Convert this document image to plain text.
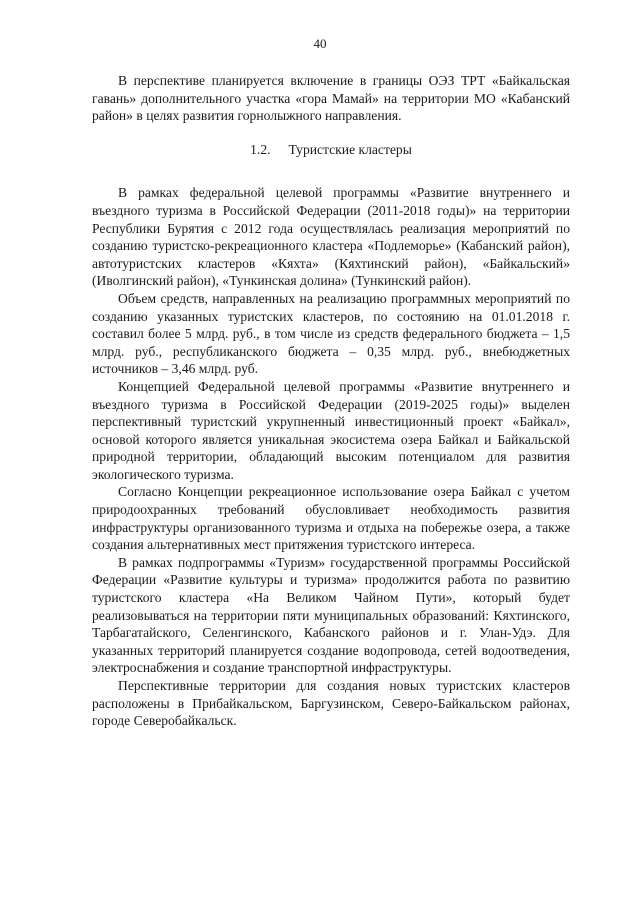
40

В перспективе планируется включение в границы ОЭЗ ТРТ «Байкальская гавань» дополнительного участка «гора Мамай» на территории МО «Кабанский район» в целях развития горнолыжного направления.

1.2. Туристские кластеры

В рамках федеральной целевой программы «Развитие внутреннего и въездного туризма в Российской Федерации (2011-2018 годы)» на территории Республики Бурятия с 2012 года осуществлялась реализация мероприятий по созданию туристско-рекреационного кластера «Подлеморье» (Кабанский район), автотуристских кластеров «Кяхта» (Кяхтинский район), «Байкальский» (Иволгинский район), «Тункинская долина» (Тункинский район).

Объем средств, направленных на реализацию программных мероприятий по созданию указанных туристских кластеров, по состоянию на 01.01.2018 г. составил более 5 млрд. руб., в том числе из средств федерального бюджета – 1,5 млрд. руб., республиканского бюджета – 0,35 млрд. руб., внебюджетных источников – 3,46 млрд. руб.

Концепцией Федеральной целевой программы «Развитие внутреннего и въездного туризма в Российской Федерации (2019-2025 годы)» выделен перспективный туристский укрупненный инвестиционный проект «Байкал», основой которого является уникальная экосистема озера Байкал и Байкальской природной территории, обладающий высоким потенциалом для развития экологического туризма.

Согласно Концепции рекреационное использование озера Байкал с учетом природоохранных требований обусловливает необходимость развития инфраструктуры организованного туризма и отдыха на побережье озера, а также создания альтернативных мест притяжения туристского интереса.

В рамках подпрограммы «Туризм» государственной программы Российской Федерации «Развитие культуры и туризма» продолжится работа по развитию туристского кластера «На Великом Чайном Пути», который будет реализовываться на территории пяти муниципальных образований: Кяхтинского, Тарбагатайского, Селенгинского, Кабанского районов и г. Улан-Удэ. Для указанных территорий планируется создание водопровода, сетей водоотведения, электроснабжения и создание транспортной инфраструктуры.

Перспективные территории для создания новых туристских кластеров расположены в Прибайкальском, Баргузинском, Северо-Байкальском районах, городе Северобайкальск.
